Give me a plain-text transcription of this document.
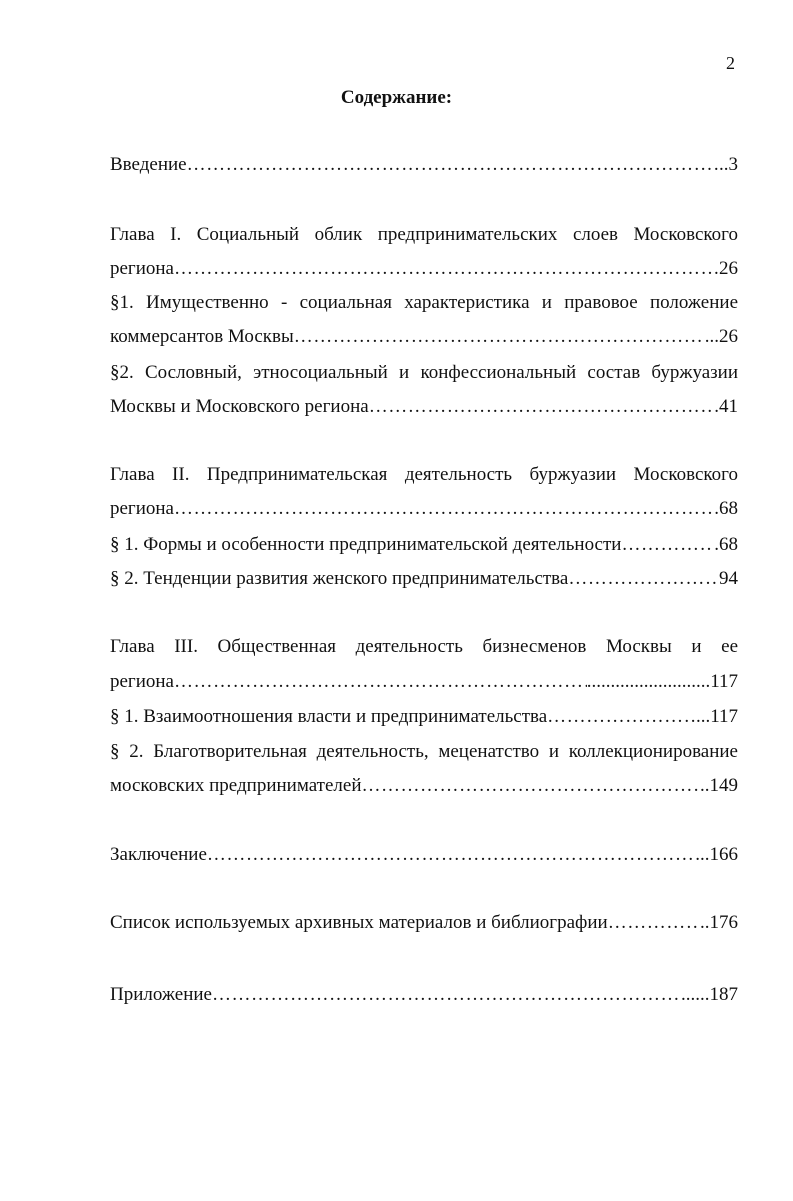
2
Содержание:
Введение ……………………………………………………………………………………………………………………………………………………………………………………………………………………	..3
Глава I. Социальный облик предпринимательских слоев Московского
региона ……………………………………………………………………………………………………………………………………………………………………………………………………………………	26
§1. Имущественно - социальная характеристика и правовое положение
коммерсантов Москвы ……………………………………………………………………………………………………………………………………………………………………………………………………………………	...26
§2. Сословный, этносоциальный и конфессиональный состав буржуазии
Москвы и Московского региона ……………………………………………………………………………………………………………………………………………………………………………………………………………………	.41
Глава II. Предпринимательская деятельность буржуазии Московского
региона ……………………………………………………………………………………………………………………………………………………………………………………………………………………	.68
§ 1. Формы и особенности предпринимательской деятельности ……………………………………………………………………………………………………………………………………………………………………………………………………………………	.68
§ 2. Тенденции развития женского предпринимательства ……………………………………………………………………………………………………………………………………………………………………………………………………………………	94
Глава III. Общественная деятельность бизнесменов Москвы и ее
региона ……………………………………………………………………………………………………………………………………………………………………………………………………………………	..........................117
§ 1. Взаимоотношения власти и предпринимательства ……………………………………………………………………………………………………………………………………………………………………………………………………………………	...117
§ 2. Благотворительная деятельность, меценатство и коллекционирование
московских предпринимателей ……………………………………………………………………………………………………………………………………………………………………………………………………………………	..149
Заключение ……………………………………………………………………………………………………………………………………………………………………………………………………………………	...166
Список используемых архивных материалов и библиографии ……………………………………………………………………………………………………………………………………………………………………………………………………………………	..176
Приложение ……………………………………………………………………………………………………………………………………………………………………………………………………………………	......187
